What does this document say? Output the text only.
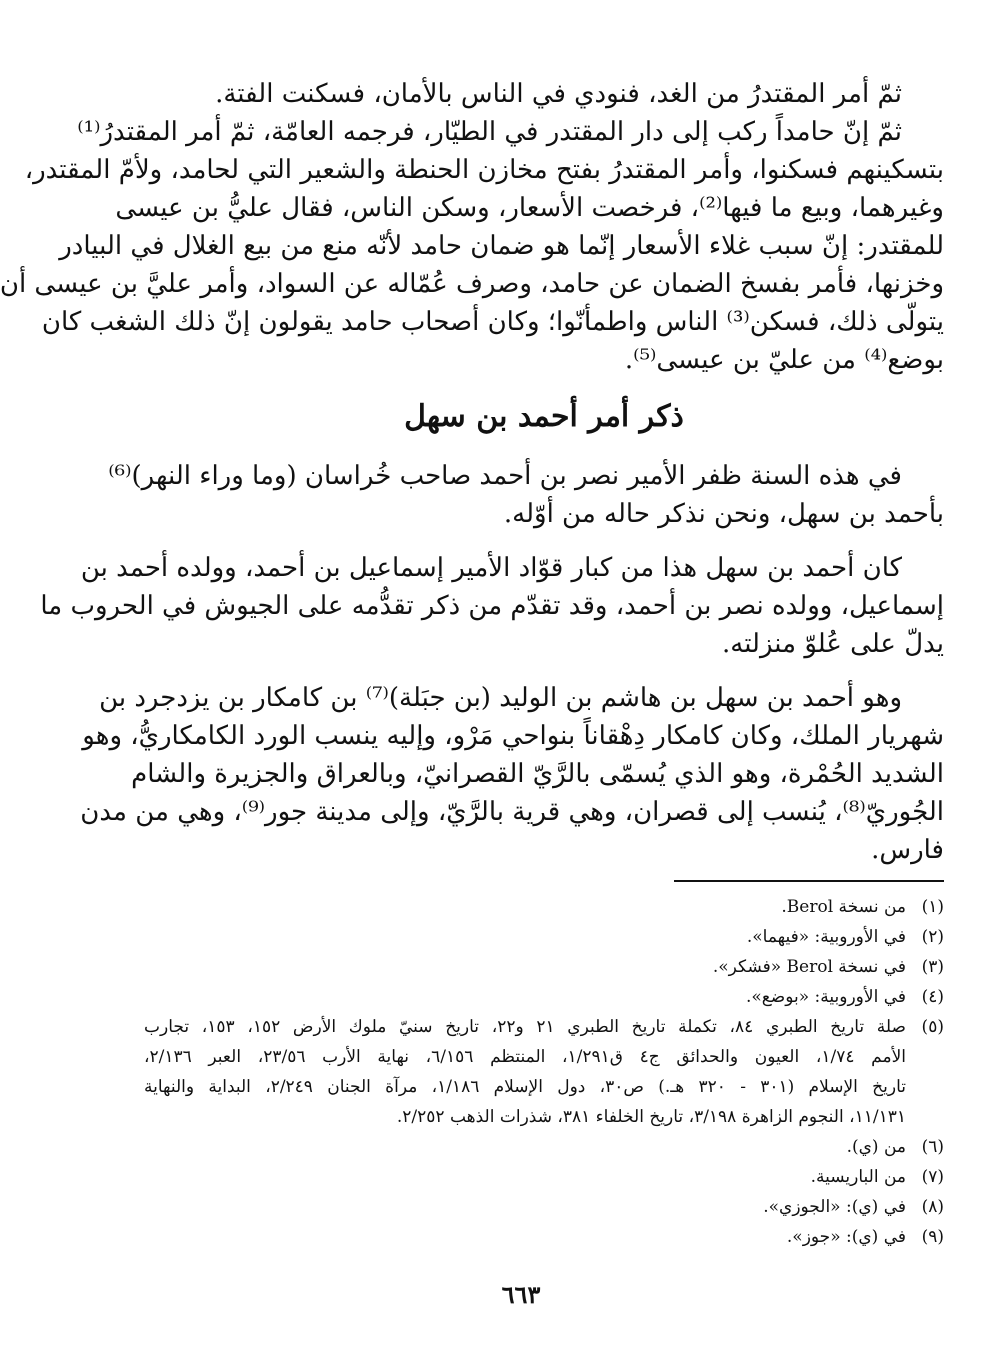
ثمّ أمر المقتدرُ من الغد، فنودي في الناس بالأمان، فسكنت الفتة.
ثمّ إنّ حامداً ركب إلى دار المقتدر في الطيّار، فرجمه العامّة، ثمّ أمر المقتدرُ⁽¹⁾
بتسكينهم فسكنوا، وأمر المقتدرُ بفتح مخازن الحنطة والشعير التي لحامد، ولأمّ المقتدر،
وغيرهما، وبيع ما فيها⁽²⁾، فرخصت الأسعار، وسكن الناس، فقال عليُّ بن عيسى
للمقتدر: إنّ سبب غلاء الأسعار إنّما هو ضمان حامد لأنّه منع من بيع الغلال في البيادر
وخزنها، فأمر بفسخ الضمان عن حامد، وصرف عُمّاله عن السواد، وأمر عليَّ بن عيسى أن
يتولّى ذلك، فسكن⁽³⁾ الناس واطمأنّوا؛ وكان أصحاب حامد يقولون إنّ ذلك الشغب كان
بوضع⁽⁴⁾ من عليّ بن عيسى⁽⁵⁾.
ذكر أمر أحمد بن سهل
في هذه السنة ظفر الأمير نصر بن أحمد صاحب خُراسان (وما وراء النهر)⁽⁶⁾
بأحمد بن سهل، ونحن نذكر حاله من أوّله.
كان أحمد بن سهل هذا من كبار قوّاد الأمير إسماعيل بن أحمد، وولده أحمد بن
إسماعيل، وولده نصر بن أحمد، وقد تقدّم من ذكر تقدُّمه على الجيوش في الحروب ما
يدلّ على عُلوّ منزلته.
وهو أحمد بن سهل بن هاشم بن الوليد (بن جبَلة)⁽⁷⁾ بن كامكار بن يزدجرد بن
شهريار الملك، وكان كامكار دِهْقاناً بنواحي مَرْو، وإليه ينسب الورد الكامكاريُّ، وهو
الشديد الحُمْرة، وهو الذي يُسمّى بالرَّيّ القصرانيّ، وبالعراق والجزيرة والشام
الجُوريّ⁽⁸⁾، يُنسب إلى قصران، وهي قرية بالرَّيّ، وإلى مدينة جور⁽⁹⁾، وهي من مدن
فارس.
(١)من نسخة Berol.
(٢)في الأوروبية: «فيهما».
(٣)في نسخة Berol «فشكر».
(٤)في الأوروبية: «بوضع».
(٥)صلة تاريخ الطبري ٨٤، تكملة تاريخ الطبري ٢١ و٢٢، تاريخ سنيّ ملوك الأرض ١٥٢، ١٥٣، تجارب
الأمم ١/٧٤، العيون والحدائق ج٤ ق١/٢٩١، المنتظم ٦/١٥٦، نهاية الأرب ٢٣/٥٦، العبر ٢/١٣٦،
تاريخ الإسلام (٣٠١ - ٣٢٠ هـ.) ص٣٠، دول الإسلام ١/١٨٦، مرآة الجنان ٢/٢٤٩، البداية والنهاية
١١/١٣١، النجوم الزاهرة ٣/١٩٨، تاريخ الخلفاء ٣٨١، شذرات الذهب ٢/٢٥٢.
(٦)من (ي).
(٧)من الباريسية.
(٨)في (ي): «الجوزي».
(٩)في (ي): «جوز».
٦٦٣
